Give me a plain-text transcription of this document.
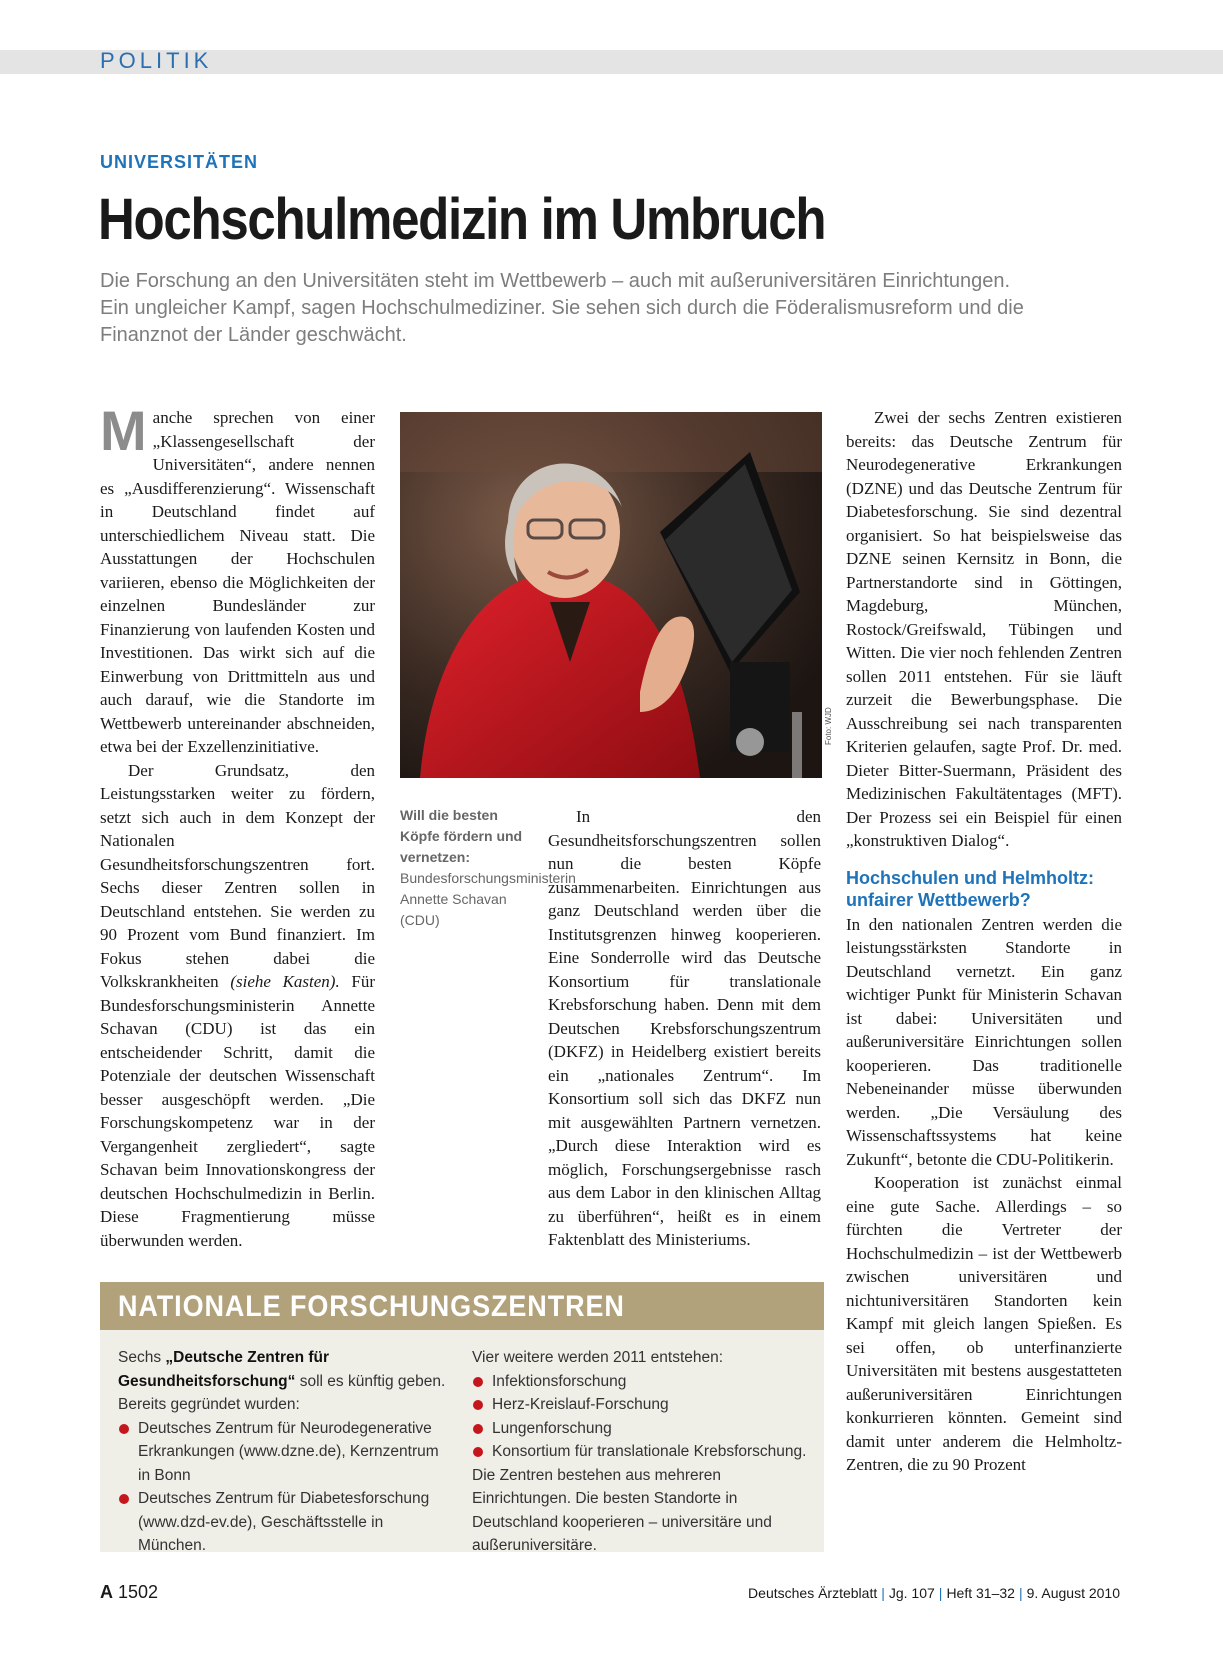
POLITIK
UNIVERSITÄTEN
Hochschulmedizin im Umbruch
Die Forschung an den Universitäten steht im Wettbewerb – auch mit außeruniversitären Einrichtungen. Ein ungleicher Kampf, sagen Hochschulmediziner. Sie sehen sich durch die Föderalismusreform und die Finanznot der Länder geschwächt.

Manche sprechen von einer „Klassengesellschaft der Universitäten“, andere nennen es „Ausdifferenzierung“. Wissenschaft in Deutschland findet auf unterschiedlichem Niveau statt. Die Ausstattungen der Hochschulen variieren, ebenso die Möglichkeiten der einzelnen Bundesländer zur Finanzierung von laufenden Kosten und Investitionen. Das wirkt sich auf die Einwerbung von Drittmitteln aus und auch darauf, wie die Standorte im Wettbewerb untereinander abschneiden, etwa bei der Exzellenzinitiative.

Der Grundsatz, den Leistungsstarken weiter zu fördern, setzt sich auch in dem Konzept der Nationalen Gesundheitsforschungszentren fort. Sechs dieser Zentren sollen in Deutschland entstehen. Sie werden zu 90 Prozent vom Bund finanziert. Im Fokus stehen dabei die Volkskrankheiten (siehe Kasten). Für Bundesforschungsministerin Annette Schavan (CDU) ist das ein entscheidender Schritt, damit die Potenziale der deutschen Wissenschaft besser ausgeschöpft werden. „Die Forschungskompetenz war in der Vergangenheit zergliedert“, sagte Schavan beim Innovationskongress der deutschen Hochschulmedizin in Berlin. Diese Fragmentierung müsse überwunden werden.

Foto: WJD
Will die besten Köpfe fördern und vernetzen:
Bundesforschungsministerin Annette Schavan (CDU)

In den Gesundheitsforschungszentren sollen nun die besten Köpfe zusammenarbeiten. Einrichtungen aus ganz Deutschland werden über die Institutsgrenzen hinweg kooperieren. Eine Sonderrolle wird das Deutsche Konsortium für translationale Krebsforschung haben. Denn mit dem Deutschen Krebsforschungszentrum (DKFZ) in Heidelberg existiert bereits ein „nationales Zentrum“. Im Konsortium soll sich das DKFZ nun mit ausgewählten Partnern vernetzen. „Durch diese Interaktion wird es möglich, Forschungsergebnisse rasch aus dem Labor in den klinischen Alltag zu überführen“, heißt es in einem Faktenblatt des Ministeriums.

Zwei der sechs Zentren existieren bereits: das Deutsche Zentrum für Neurodegenerative Erkrankungen (DZNE) und das Deutsche Zentrum für Diabetesforschung. Sie sind dezentral organisiert. So hat beispielsweise das DZNE seinen Kernsitz in Bonn, die Partnerstandorte sind in Göttingen, Magdeburg, München, Rostock/Greifswald, Tübingen und Witten. Die vier noch fehlenden Zentren sollen 2011 entstehen. Für sie läuft zurzeit die Bewerbungsphase. Die Ausschreibung sei nach transparenten Kriterien gelaufen, sagte Prof. Dr. med. Dieter Bitter-Suermann, Präsident des Medizinischen Fakultätentages (MFT). Der Prozess sei ein Beispiel für einen „konstruktiven Dialog“.

Hochschulen und Helmholtz: unfairer Wettbewerb?

In den nationalen Zentren werden die leistungsstärksten Standorte in Deutschland vernetzt. Ein ganz wichtiger Punkt für Ministerin Schavan ist dabei: Universitäten und außeruniversitäre Einrichtungen sollen kooperieren. Das traditionelle Nebeneinander müsse überwunden werden. „Die Versäulung des Wissenschaftssystems hat keine Zukunft“, betonte die CDU-Politikerin.

Kooperation ist zunächst einmal eine gute Sache. Allerdings – so fürchten die Vertreter der Hochschulmedizin – ist der Wettbewerb zwischen universitären und nichtuniversitären Standorten kein Kampf mit gleich langen Spießen. Es sei offen, ob unterfinanzierte Universitäten mit bestens ausgestatteten außeruniversitären Einrichtungen konkurrieren könnten. Gemeint sind damit unter anderem die Helmholtz-Zentren, die zu 90 Prozent

NATIONALE FORSCHUNGSZENTREN
Sechs „Deutsche Zentren für Gesundheitsforschung“ soll es künftig geben.
Bereits gegründet wurden:
Deutsches Zentrum für Neurodegenerative Erkrankungen (www.dzne.de), Kernzentrum in Bonn
Deutsches Zentrum für Diabetesforschung (www.dzd-ev.de), Geschäftsstelle in München.
Vier weitere werden 2011 entstehen:
Infektionsforschung
Herz-Kreislauf-Forschung
Lungenforschung
Konsortium für translationale Krebsforschung.
Die Zentren bestehen aus mehreren Einrichtungen. Die besten Standorte in Deutschland kooperieren – universitäre und außeruniversitäre.
A 1502	Deutsches Ärzteblatt | Jg. 107 | Heft 31–32 | 9. August 2010
